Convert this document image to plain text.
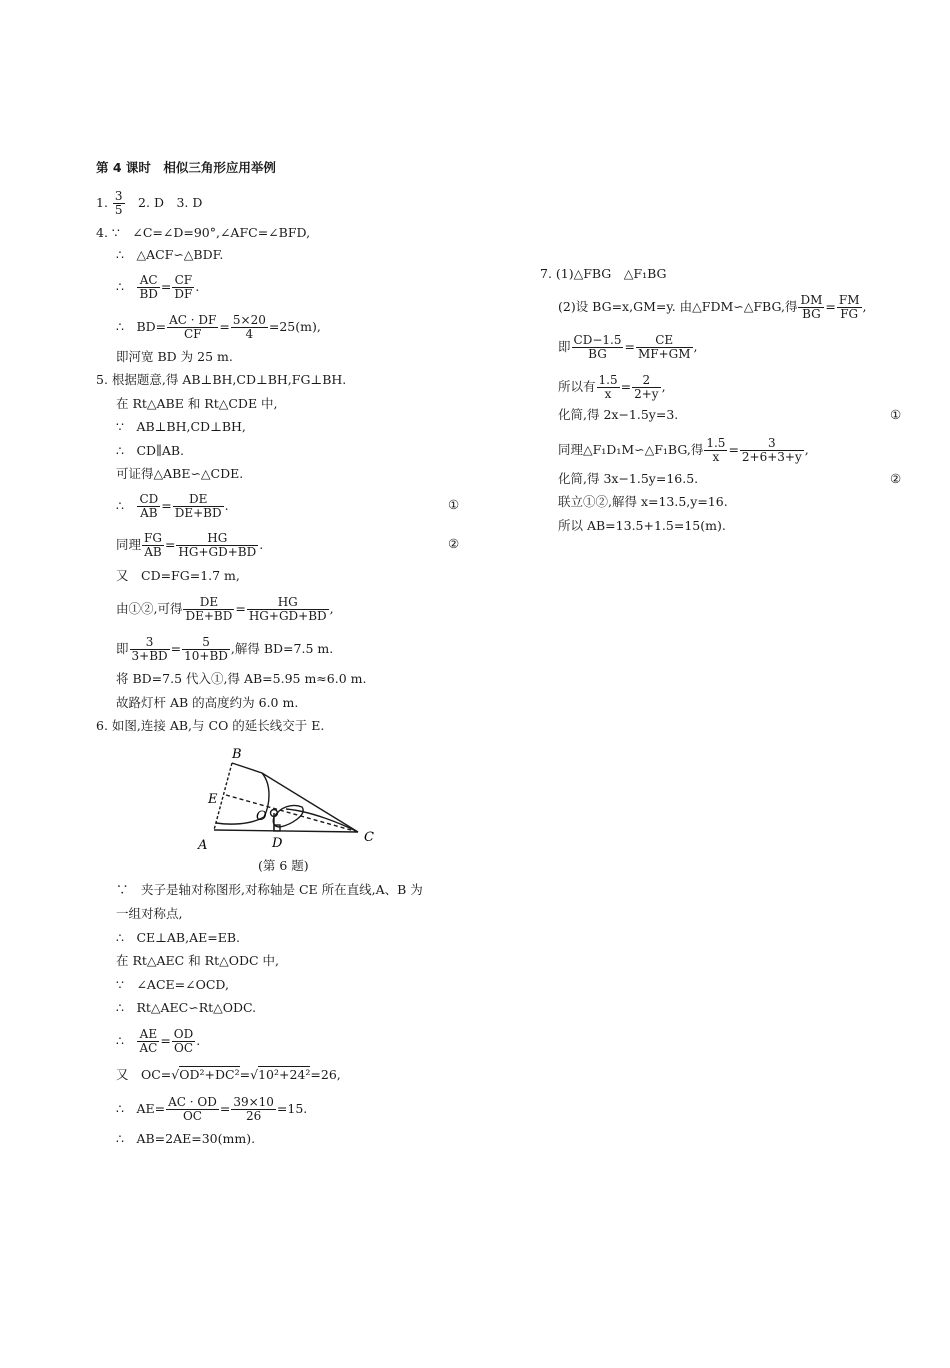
第 4 课时　相似三角形应用举例
1. $\frac{3}{5}$ 　2. D　3. D
4. ∵　∠C=∠D=90°,∠AFC=∠BFD,
∴　△ACF∽△BDF.
∴　 $\frac{AC}{BD} = \frac{CF}{DF}$ .
∴　$BD= \frac{AC \cdot DF}{CF} = \frac{5\times 20}{4} =25(m)$,
即河宽 BD 为 25 m.
5. 根据题意,得 AB⊥BH,CD⊥BH,FG⊥BH.
在 Rt△ABE 和 Rt△CDE 中,
∵　AB⊥BH,CD⊥BH,
∴　CD∥AB.
可证得△ABE∽△CDE.
∴　 $\frac{CD}{AB} = \frac{DE}{DE+BD}$ .	①
同理 $\frac{FG}{AB} = \frac{HG}{HG+GD+BD}$ .	②
又　CD=FG=1.7 m,
由①②,可得 $\frac{DE}{DE+BD} = \frac{HG}{HG+GD+BD}$ ,
即 $\frac{3}{3+BD} = \frac{5}{10+BD}$ ,解得 BD=7.5 m.
将 BD=7.5 代入①,得 AB=5.95 m≈6.0 m.
故路灯杆 AB 的高度约为 6.0 m.
6. 如图,连接 AB,与 CO 的延长线交于 E.
B
E
O
A	D	C
(第 6 题)
∵　夹子是轴对称图形,对称轴是 CE 所在直线,A、B 为
一组对称点,
∴　CE⊥AB,AE=EB.
在 Rt△AEC 和 Rt△ODC 中,
∵　∠ACE=∠OCD,
∴　Rt△AEC∽Rt△ODC.
∴　 $\frac{AE}{AC} = \frac{OD}{OC}$ .
又　OC=√OD²+DC²=√10²+24²=26,
∴　$AE= \frac{AC \cdot OD}{OC} = \frac{39\times 10}{26} =15$.
∴　AB=2AE=30(mm).
7. (1)△FBG　△F₁BG
(2)设 BG=x,GM=y. 由△FDM∽△FBG,得 $\frac{DM}{BG} = \frac{FM}{FG}$ ,
即 $\frac{CD-1.5}{BG} = \frac{CE}{MF+GM}$ ,
所以有 $\frac{1.5}{x} = \frac{2}{2+y}$ ,
化简,得 2x−1.5y=3.	①
同理△F₁D₁M∽△F₁BG,得 $\frac{1.5}{x} = \frac{3}{2+6+3+y}$ ,
化简,得 3x−1.5y=16.5.	②
联立①②,解得 x=13.5,y=16.
所以 AB=13.5+1.5=15(m).
